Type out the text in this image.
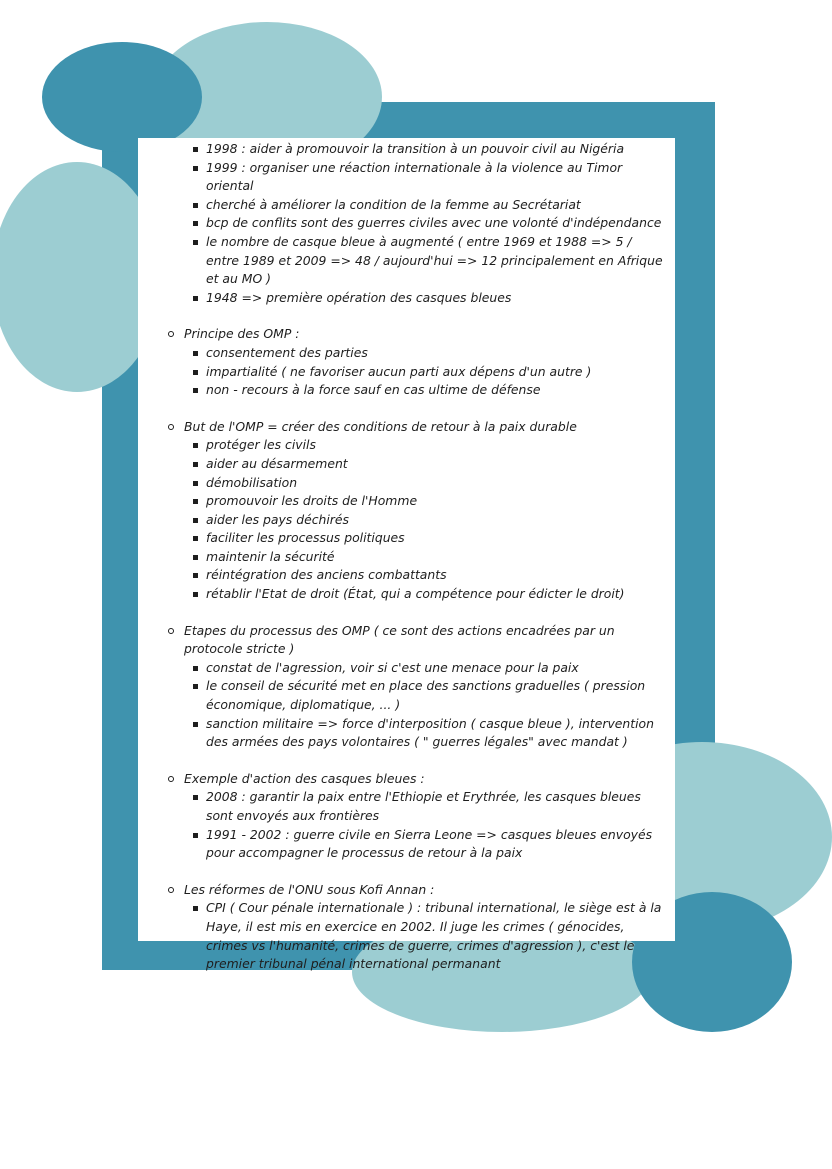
1998 : aider à promouvoir la transition à un pouvoir civil au Nigéria
1999 : organiser une réaction internationale à la violence au Timor oriental
cherché à améliorer la condition de la femme au Secrétariat
bcp de conflits sont des guerres civiles avec une volonté d'indépendance
le nombre de casque bleue à augmenté ( entre 1969 et 1988 => 5 / entre 1989 et 2009 => 48 / aujourd'hui => 12 principalement en Afrique et au MO )
1948 => première opération des casques bleues
Principe des OMP :
consentement des parties
impartialité ( ne favoriser aucun parti aux dépens d'un autre )
non - recours à la force sauf en cas ultime de défense
But de l'OMP = créer des conditions de retour à la paix durable
protéger les civils
aider au désarmement
démobilisation
promouvoir les droits de l'Homme
aider les pays déchirés
faciliter les processus politiques
maintenir la sécurité
réintégration des anciens combattants
rétablir l'Etat de droit (État, qui a compétence pour édicter le droit)
Etapes du processus des OMP ( ce sont des actions encadrées par un protocole stricte )
constat de l'agression, voir si c'est une menace pour la paix
le conseil de sécurité met en place des sanctions graduelles ( pression économique, diplomatique, ... )
sanction militaire => force d'interposition ( casque bleue ), intervention des armées des pays volontaires ( " guerres légales" avec mandat )
Exemple d'action des casques bleues :
2008 : garantir la paix entre l'Ethiopie et Erythrée, les casques bleues sont envoyés aux frontières
1991 - 2002 : guerre civile en Sierra Leone => casques bleues envoyés pour accompagner le processus de retour à la paix
Les réformes de l'ONU sous Kofi Annan :
CPI ( Cour pénale internationale ) : tribunal international, le siège est à la Haye, il est mis en exercice en 2002. Il juge les crimes ( génocides, crimes vs l'humanité, crimes de guerre, crimes d'agression ), c'est le premier tribunal pénal international permanant
